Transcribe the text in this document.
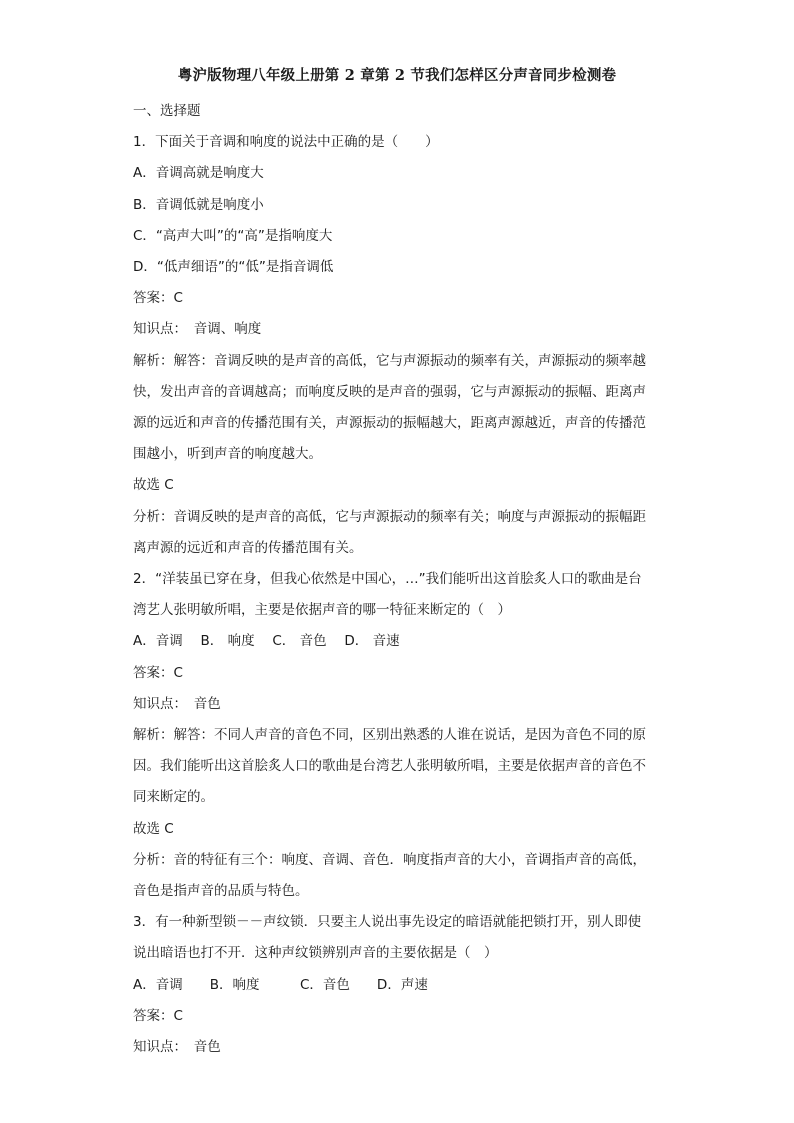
粤沪版物理八年级上册第 2 章第 2 节我们怎样区分声音同步检测卷

一、选择题

1．下面关于音调和响度的说法中正确的是（　　）

A．音调高就是响度大

B．音调低就是响度小

C．“高声大叫”的“高”是指响度大

D．“低声细语”的“低”是指音调低

答案：C

知识点：　音调、响度

解析：解答：音调反映的是声音的高低，它与声源振动的频率有关，声源振动的频率越

快，发出声音的音调越高；而响度反映的是声音的强弱，它与声源振动的振幅、距离声

源的远近和声音的传播范围有关，声源振动的振幅越大，距离声源越近，声音的传播范

围越小，听到声音的响度越大。

故选 C

分析：音调反映的是声音的高低，它与声源振动的频率有关；响度与声源振动的振幅距

离声源的远近和声音的传播范围有关。

2．“洋装虽已穿在身，但我心依然是中国心，…”我们能听出这首脍炙人口的歌曲是台

湾艺人张明敏所唱，主要是依据声音的哪一特征来断定的（　）

A．音调　 B． 响度　 C． 音色　 D． 音速

答案：C

知识点：　音色

解析：解答：不同人声音的音色不同，区别出熟悉的人谁在说话，是因为音色不同的原

因。我们能听出这首脍炙人口的歌曲是台湾艺人张明敏所唱，主要是依据声音的音色不

同来断定的。

故选 C

分析：音的特征有三个：响度、音调、音色．响度指声音的大小，音调指声音的高低，

音色是指声音的品质与特色。

3．有一种新型锁－－声纹锁．只要主人说出事先设定的暗语就能把锁打开，别人即使

说出暗语也打不开．这种声纹锁辨别声音的主要依据是（　）

A．音调　　B．响度　　　C．音色　　D．声速

答案：C

知识点：　音色
